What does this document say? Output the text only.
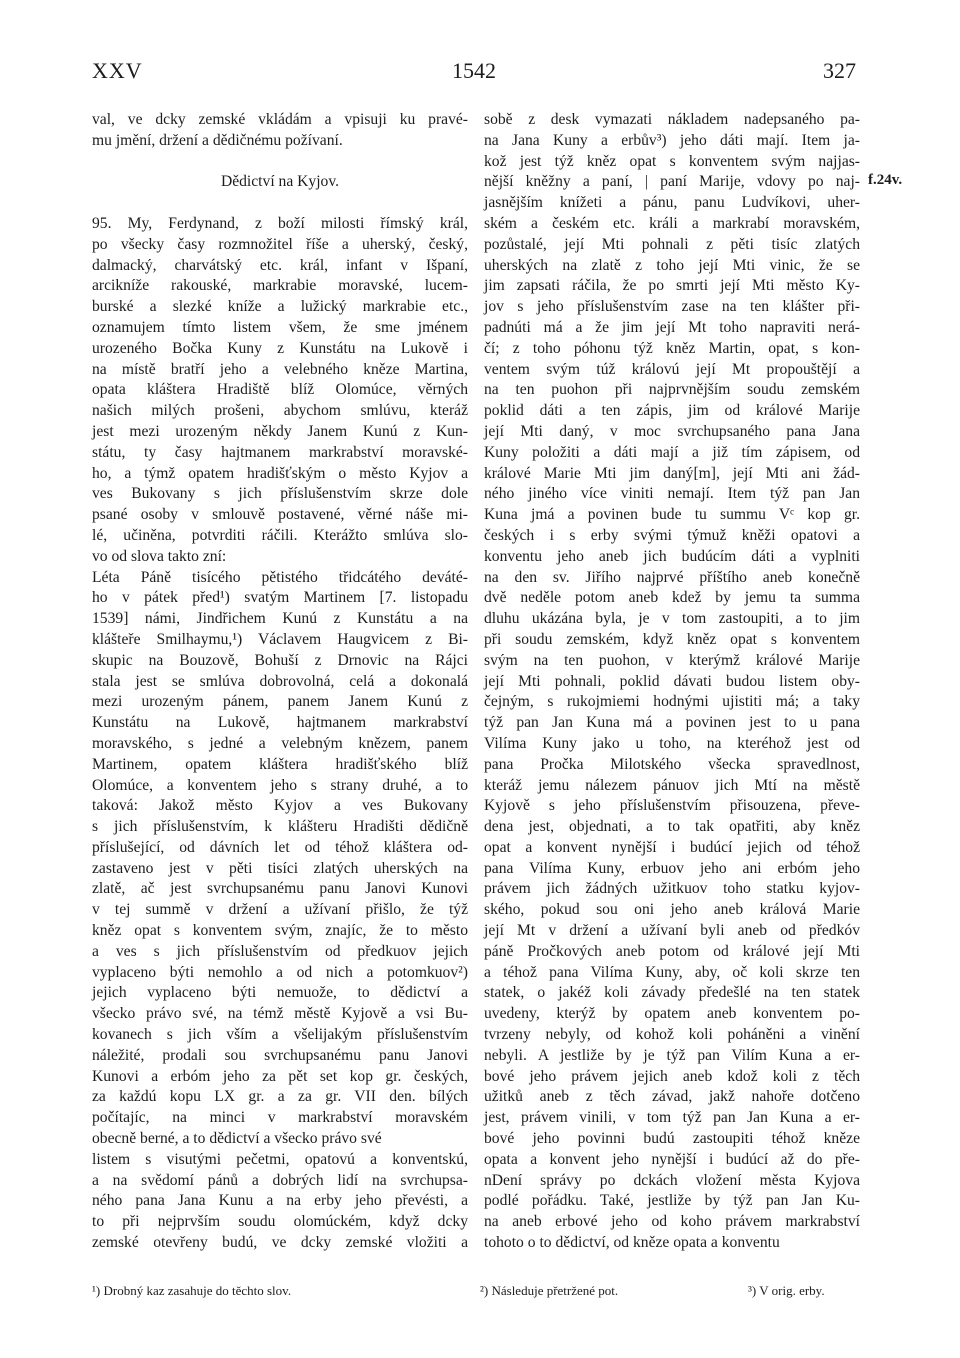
XXV	1542	327
val, ve dcky zemské vkládám a vpisuji ku pravé-
mu jmění, držení a dědičnému požívaní.
Dědictví na Kyjov.
95. My, Ferdynand, z boží milosti římský král,
po všecky časy rozmnožitel říše a uherský, český,
dalmacký, charvátský etc. král, infant v Išpaní,
arcikníže rakouské, markrabie moravské, lucem-
burské a slezké kníže a lužický markrabie etc.,
oznamujem tímto listem všem, že sme jménem
urozeného Bočka Kuny z Kunstátu na Lukově i
na místě bratří jeho a velebného kněze Martina,
opata kláštera Hradiště blíž Olomúce, věrných
našich milých prošeni, abychom smlúvu, kteráž
jest mezi urozeným někdy Janem Kunú z Kun-
státu, ty časy hajtmanem markrabství moravské-
ho, a týmž opatem hradišťským o město Kyjov a
ves Bukovany s jich příslušenstvím skrze dole
psané osoby v smlouvě postavené, věrné náše mi-
lé, učiněna, potvrditi ráčili. Kterážto smlúva slo-
vo od slova takto zní:
Léta Páně tisícého pětistého třidcátého deváté-
ho v pátek před¹) svatým Martinem [7. listopadu
1539] námi, Jindřichem Kunú z Kunstátu a na
klášteře Smilhaymu,¹) Václavem Haugvicem z Bi-
skupic na Bouzově, Bohuší z Drnovic na Rájci
stala jest se smlúva dobrovolná, celá a dokonalá
mezi urozeným pánem, panem Janem Kunú z
Kunstátu na Lukově, hajtmanem markrabství
moravského, s jedné a velebným knězem, panem
Martinem, opatem kláštera hradišťského blíž
Olomúce, a konventem jeho s strany druhé, a to
taková: Jakož město Kyjov a ves Bukovany
s jich příslušenstvím, k klášteru Hradišti dědičně
příslušející, od dávních let od téhož kláštera od-
zastaveno jest v pěti tisíci zlatých uherských na
zlatě, ač jest svrchupsanému panu Janovi Kunovi
v tej summě v držení a užívaní přišlo, že týž
kněz opat s konventem svým, znajíc, že to město
a ves s jich příslušenstvím od předkuov jejich
vyplaceno býti nemohlo a od nich a potomkuov²)
jejich vyplaceno býti nemuože, to dědictví a
všecko právo své, na témž městě Kyjově a vsi Bu-
kovanech s jich vším a všelijakým příslušenstvím
náležité, prodali sou svrchupsanému panu Janovi
Kunovi a erbóm jeho za pět set kop gr. českých,
za každú kopu LX gr. a za gr. VII den. bílých
počítajíc, na minci v markrabství moravském
obecně berné, a to dědictví a všecko právo své
listem s visutými pečetmi, opatovú a konventskú,
a na svědomí pánů a dobrých lidí na svrchupsa-
ného pana Jana Kunu a na erby jeho převésti, a
to při nejprvším soudu olomúckém, když dcky
zemské otevřeny budú, ve dcky zemské vložiti a
sobě z desk vymazati nákladem nadepsaného pa-
na Jana Kuny a erbův³) jeho dáti mají. Item ja-
kož jest týž kněz opat s konventem svým najjas-
nější kněžny a paní, | paní Marije, vdovy po naj-
jasnějším knížeti a pánu, panu Ludvíkovi, uher-
ském a českém etc. králi a markrabí moravském,
pozůstalé, její Mti pohnali z pěti tisíc zlatých
uherských na zlatě z toho její Mti vinic, že se
jim zapsati ráčila, že po smrti její Mti město Ky-
jov s jeho příslušenstvím zase na ten klášter při-
padnúti má a že jim její Mt toho napraviti nerá-
čí; z toho póhonu týž kněz Martin, opat, s kon-
ventem svým túž královú její Mt propouštějí a
na ten puohon při najprvnějším soudu zemském
poklid dáti a ten zápis, jim od králové Marije
její Mti daný, v moc svrchupsaného pana Jana
Kuny položiti a dáti mají a již tím zápisem, od
králové Marie Mti jim daný[m], její Mti ani žád-
ného jiného více viniti nemají. Item týž pan Jan
Kuna jmá a povinen bude tu summu Vᶜ kop gr.
českých i s erby svými týmuž kněži opatovi a
konventu jeho aneb jich budúcím dáti a vyplniti
na den sv. Jiřího najprvé příštího aneb konečně
dvě neděle potom aneb kdež by jemu ta summa
dluhu ukázána byla, je v tom zastoupiti, a to jim
při soudu zemském, když kněz opat s konventem
svým na ten puohon, v kterýmž králové Marije
její Mti pohnali, poklid dávati budou listem oby-
čejným, s rukojmiemi hodnými ujistiti má; a taky
týž pan Jan Kuna má a povinen jest to u pana
Vilíma Kuny jako u toho, na kteréhož jest od
pana Pročka Milotského všecka spravedlnost,
kteráž jemu nálezem pánuov jich Mtí na městě
Kyjově s jeho příslušenstvím přisouzena, převe-
dena jest, objednati, a to tak opatřiti, aby kněz
opat a konvent nynější i budúcí jejich od téhož
pana Vilíma Kuny, erbuov jeho ani erbóm jeho
právem jich žádných užitkuov toho statku kyjov-
ského, pokud sou oni jeho aneb králová Marie
její Mt v držení a užívaní byli aneb od předkóv
páně Pročkových aneb potom od králové její Mti
a téhož pana Vilíma Kuny, aby, oč koli skrze ten
statek, o jakéž koli závady předešlé na ten statek
uvedeny, kterýž by opatem aneb konventem po-
tvrzeny nebyly, od kohož koli poháněni a vinění
nebyli. A jestliže by je týž pan Vilím Kuna a er-
bové jeho právem jejich aneb kdož koli z těch
užitků aneb z těch závad, jakž nahoře dotčeno
jest, právem vinili, v tom týž pan Jan Kuna a er-
bové jeho povinni budú zastoupiti téhož kněze
opata a konvent jeho nynější i budúcí až do pře-
nDení správy po dckách vložení města Kyjova
podlé pořádku. Také, jestliže by týž pan Jan Ku-
na aneb erbové jeho od koho právem markrabství
tohoto o to dědictví, od kněze opata a konventu
f.24v.
¹) Drobný kaz zasahuje do těchto slov.	²) Následuje přetržené pot.	³) V orig. erby.
